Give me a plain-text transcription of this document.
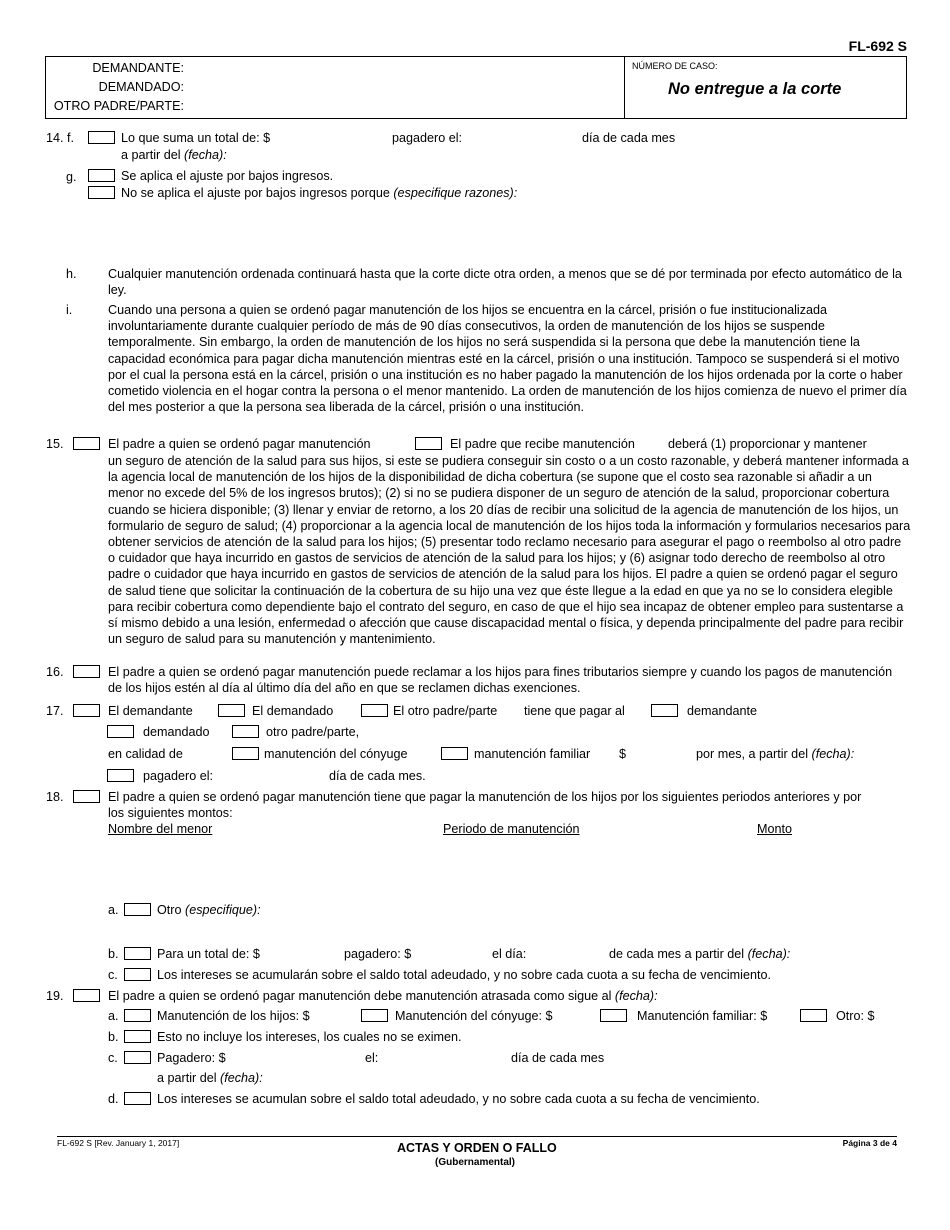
FL-692 S
DEMANDANTE:
DEMANDADO:
OTRO PADRE/PARTE:
NÚMERO DE CASO:
No entregue a la corte
14. f.	Lo que suma un total de: $	pagadero el:	día de cada mes
a partir del (fecha):
g.	Se aplica el ajuste por bajos ingresos.
No se aplica el ajuste por bajos ingresos porque (especifique razones):
h. Cualquier manutención ordenada continuará hasta que la corte dicte otra orden, a menos que se dé por terminada por efecto automático de la ley.
i.	Cuando una persona a quien se ordenó pagar manutención de los hijos se encuentra en la cárcel, prisión o fue institucionalizada involuntariamente durante cualquier período de más de 90 días consecutivos, la orden de manutención de los hijos se suspende temporalmente. Sin embargo, la orden de manutención de los hijos no será suspendida si la persona que debe la manutención tiene la capacidad económica para pagar dicha manutención mientras esté en la cárcel, prisión o una institución. Tampoco se suspenderá si el motivo por el cual la persona está en la cárcel, prisión o una institución es no haber pagado la manutención de los hijos ordenada por la corte o haber cometido violencia en el hogar contra la persona o el menor mantenido. La orden de manutención de los hijos comienza de nuevo el primer día del mes posterior a que la persona sea liberada de la cárcel, prisión o una institución.
15.	El padre a quien se ordenó pagar manutención	El padre que recibe manutención	deberá (1) proporcionar y mantener
un seguro de atención de la salud para sus hijos, si este se pudiera conseguir sin costo o a un costo razonable, y deberá mantener informada a la agencia local de manutención de los hijos de la disponibilidad de dicha cobertura (se supone que el costo sea razonable si añadir a un menor no excede del 5% de los ingresos brutos); (2) si no se pudiera disponer de un seguro de atención de la salud, proporcionar cobertura cuando se hiciera disponible; (3) llenar y enviar de retorno, a los 20 días de recibir una solicitud de la agencia de manutención de los hijos, un formulario de seguro de salud; (4) proporcionar a la agencia local de manutención de los hijos toda la información y formularios necesarios para obtener servicios de atención de la salud para los hijos; (5) presentar todo reclamo necesario para asegurar el pago o reembolso al otro padre o cuidador que haya incurrido en gastos de servicios de atención de la salud para los hijos; y (6) asignar todo derecho de reembolso al otro padre o cuidador que haya incurrido en gastos de servicios de atención de la salud para los hijos. El padre a quien se ordenó pagar el seguro de salud tiene que solicitar la continuación de la cobertura de su hijo una vez que éste llegue a la edad en que ya no se lo considera elegible para recibir cobertura como dependiente bajo el contrato del seguro, en caso de que el hijo sea incapaz de obtener empleo para sustentarse a sí mismo debido a una lesión, enfermedad o afección que cause discapacidad mental o física, y dependa principalmente del padre para recibir un seguro de salud para su manutención y mantenimiento.
16.	El padre a quien se ordenó pagar manutención puede reclamar a los hijos para fines tributarios siempre y cuando los pagos de manutención de los hijos estén al día al último día del año en que se reclamen dichas exenciones.
17.	El demandante	El demandado	El otro padre/parte tiene que pagar al	demandante
demandado	otro padre/parte,
en calidad de	manutención del cónyuge	manutención familiar $	por mes, a partir del (fecha):
pagadero el:	día de cada mes.
18.	El padre a quien se ordenó pagar manutención tiene que pagar la manutención de los hijos por los siguientes periodos anteriores y por los siguientes montos:
Nombre del menor	Periodo de manutención	Monto
a.	Otro (especifique):
b.	Para un total de: $	pagadero: $	el día:	de cada mes a partir del (fecha):
c.	Los intereses se acumularán sobre el saldo total adeudado, y no sobre cada cuota a su fecha de vencimiento.
19.	El padre a quien se ordenó pagar manutención debe manutención atrasada como sigue al (fecha):
a.	Manutención de los hijos: $	Manutención del cónyuge: $	Manutención familiar: $	Otro: $
b.	Esto no incluye los intereses, los cuales no se eximen.
c.	Pagadero: $	el:	día de cada mes
a partir del (fecha):
d.	Los intereses se acumulan sobre el saldo total adeudado, y no sobre cada cuota a su fecha de vencimiento.
FL-692 S [Rev. January 1, 2017]	ACTAS Y ORDEN O FALLO
(Gubernamental)
Página 3 de 4
